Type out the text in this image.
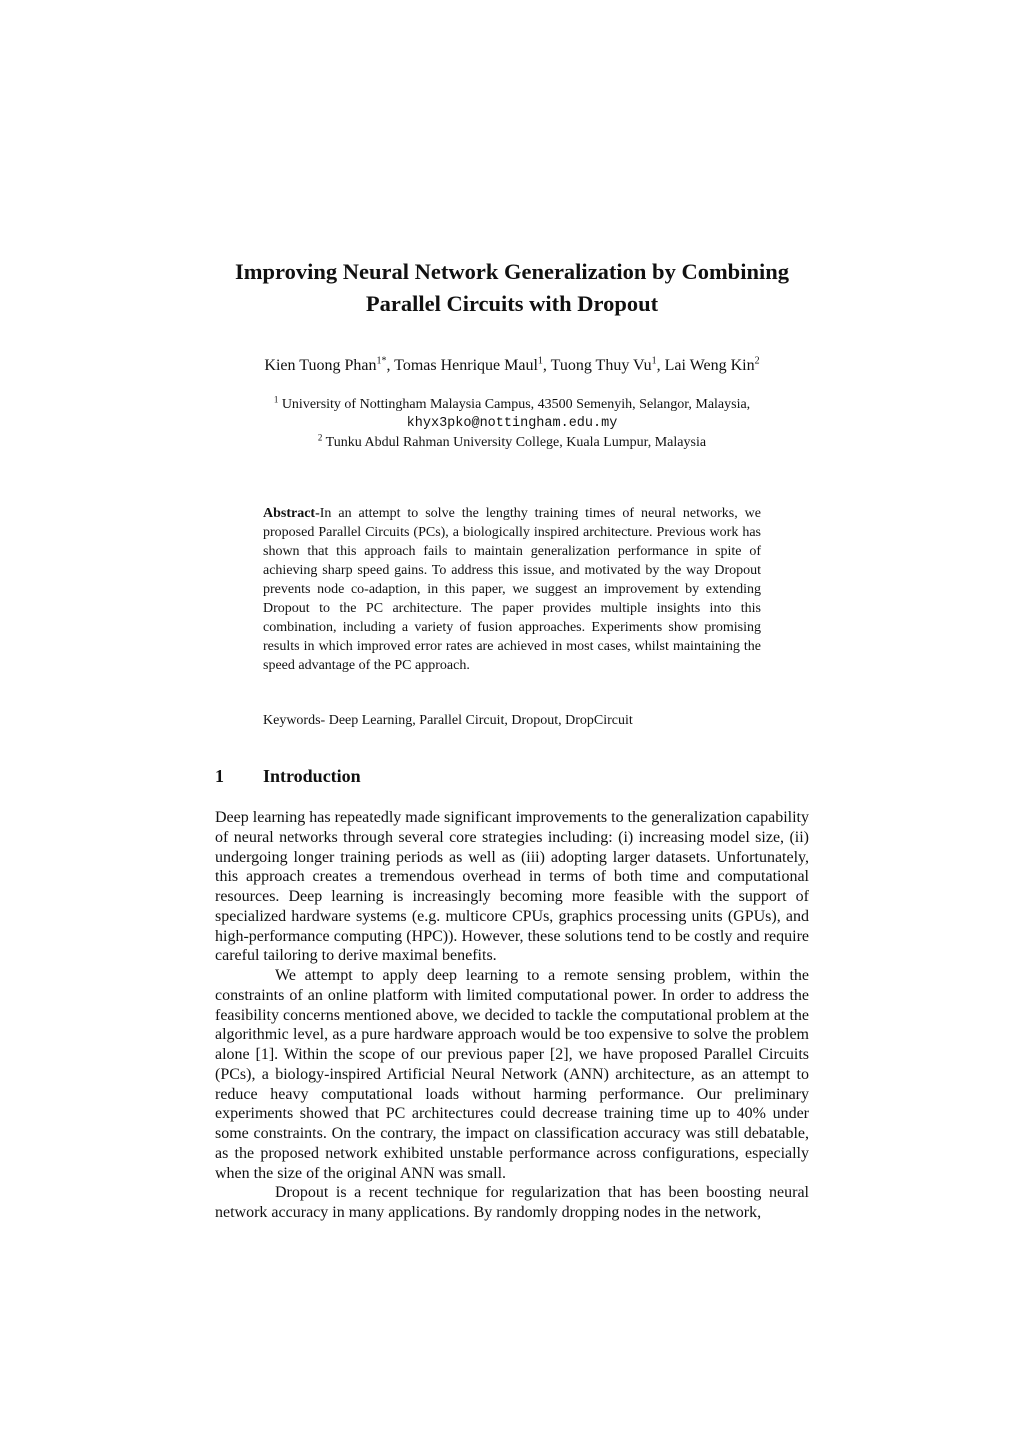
Improving Neural Network Generalization by Combining
Parallel Circuits with Dropout
Kien Tuong Phan$^{1*}$, Tomas Henrique Maul$^1$, Tuong Thuy Vu$^1$, Lai Weng Kin$^2$
$^1$ University of Nottingham Malaysia Campus, 43500 Semenyih, Selangor, Malaysia,
khyx3pko@nottingham.edu.my
$^2$ Tunku Abdul Rahman University College, Kuala Lumpur, Malaysia
Abstract-In an attempt to solve the lengthy training times of neural networks, we proposed Parallel Circuits (PCs), a biologically inspired architecture. Previous work has shown that this approach fails to maintain generalization performance in spite of achieving sharp speed gains. To address this issue, and motivated by the way Dropout prevents node co-adaption, in this paper, we suggest an improvement by extending Dropout to the PC architecture. The paper provides multiple insights into this combination, including a variety of fusion approaches. Experiments show promising results in which improved error rates are achieved in most cases, whilst maintaining the speed advantage of the PC approach.
Keywords- Deep Learning, Parallel Circuit, Dropout, DropCircuit
1 Introduction

Deep learning has repeatedly made significant improvements to the generalization capability of neural networks through several core strategies including: (i) increasing model size, (ii) undergoing longer training periods as well as (iii) adopting larger datasets. Unfortunately, this approach creates a tremendous overhead in terms of both time and computational resources. Deep learning is increasingly becoming more feasible with the support of specialized hardware systems (e.g. multicore CPUs, graphics processing units (GPUs), and high-performance computing (HPC)). However, these solutions tend to be costly and require careful tailoring to derive maximal benefits.

We attempt to apply deep learning to a remote sensing problem, within the constraints of an online platform with limited computational power. In order to address the feasibility concerns mentioned above, we decided to tackle the computational problem at the algorithmic level, as a pure hardware approach would be too expensive to solve the problem alone [1]. Within the scope of our previous paper [2], we have proposed Parallel Circuits (PCs), a biology-inspired Artificial Neural Network (ANN) architecture, as an attempt to reduce heavy computational loads without harming performance. Our preliminary experiments showed that PC architectures could decrease training time up to 40% under some constraints. On the contrary, the impact on classification accuracy was still debatable, as the proposed network exhibited unstable performance across configurations, especially when the size of the original ANN was small.

Dropout is a recent technique for regularization that has been boosting neural network accuracy in many applications. By randomly dropping nodes in the network,
